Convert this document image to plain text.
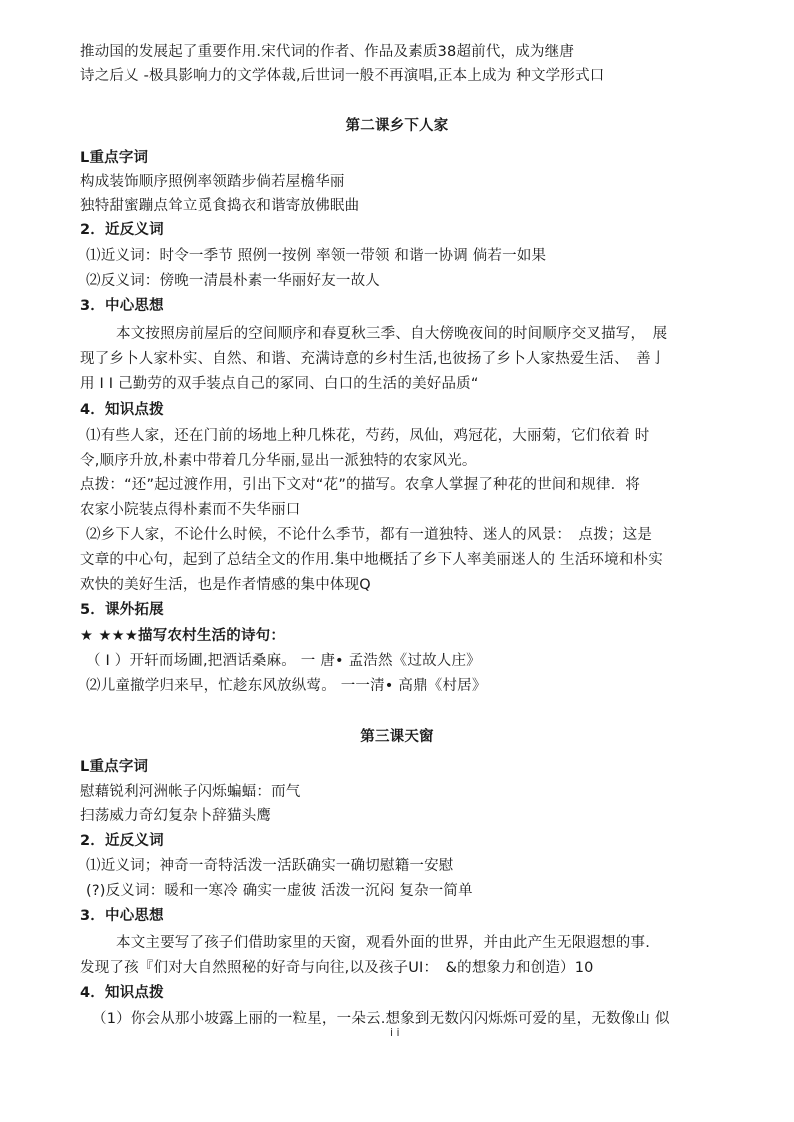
推动国的发展起了重要作用.宋代词的作者、作品及素质38超前代，成为继唐
诗之后乂 -极具影响力的文学体裁,后世词一般不再演唱,正本上成为 种文学形式口
第二课乡下人家
L重点字词
构成装饰顺序照例率领踏步倘若屋檐华丽
独特甜蜜蹦点耸立觅食捣衣和谐寄放佛眠曲
2．近反义词
⑴近义词：时令一季节 照例一按例 率领一带领 和谐一协调 倘若一如果
⑵反义词：傍晚一清晨朴素一华丽好友一故人
3．中心思想
本文按照房前屋后的空间顺序和春夏秋三季、自大傍晚夜间的时间顺序交叉描写，　展
现了乡卜人家朴实、自然、和谐、充满诗意的乡村生活,也彼扬了乡卜人家热爱生活、　善亅
用 I I 己勤劳的双手装点自己的冢同、白口的生活的美好品质“
4．知识点拨
⑴有些人家，还在门前的场地上种几株花，芍药，凤仙，鸡冠花，大丽菊，它们依着 时
令,顺序升放,朴素中带着几分华丽,显出一派独特的农家风光。
点拨：“还”起过渡作用，引出下文对“花”的描写。农拿人掌握了种花的世间和规律．将
农家小院装点得朴素而不失华丽口
⑵乡下人家，不论什么时候，不论什么季节，都有一道独特、迷人的风景：　点拨；这是
文章的中心句，起到了总结全文的作用.集中地概括了乡下人率美丽迷人的 生活环境和朴实
欢快的美好生活，也是作者情感的集中体现Q
5．课外拓展
★ ★★★描写农村生活的诗句：
（ I ）开轩而场圃,把酒话桑麻。 一 唐• 孟浩然《过故人庄》
⑵儿童撤学归来早，忙趁东风放纵莺。 一一清• 高鼎《村居》
第三课天窗
L重点字词
慰藉锐利河洲帐子闪烁蝙蝠：而气
扫荡威力奇幻复杂卜辞猫头鹰
2．近反义词
⑴近义词；神奇一奇特活泼一活跃确实一确切慰籍一安慰
(?)反义词：暖和一寒冷 确实一虚彼 活泼一沉闷 复杂一简单
3．中心思想
本文主要写了孩子们借助家里的天窗，观看外面的世界，并由此产生无限遐想的事.
发现了孩『们对大自然照秘的好奇与向往,以及孩子UI：　&的想象力和创造）10
4．知识点拨
（1）你会从那小坡露上丽的一粒星，一朵云.想象到无数闪闪烁烁可爱的星，无数像山 似
i i
